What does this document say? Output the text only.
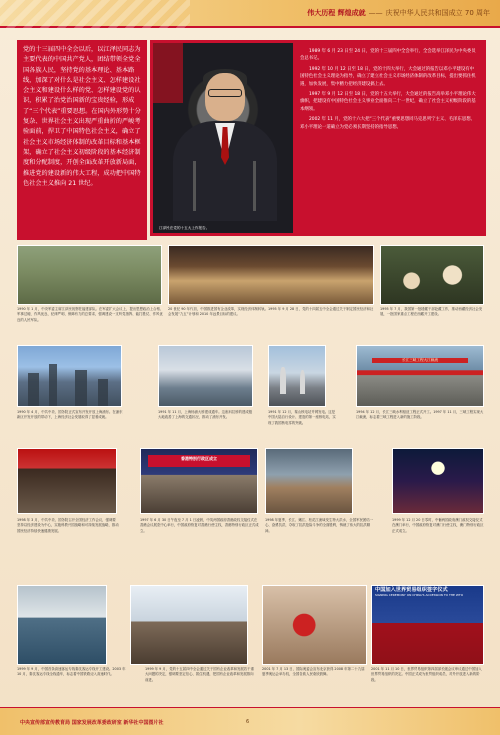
伟大历程 辉煌成就 —— 庆祝中华人民共和国成立 70 周年
党的十三届四中全会以后，以江泽民同志为主要代表的中国共产党人，团结带领全党全国各族人民，坚持党的基本理论、基本路线，加深了对什么是社会主义、怎样建设社会主义和建设什么样的党、怎样建设党的认识，积累了治党治国新的宝贵经验，形成了“三个代表”重要思想。在国内外形势十分复杂、世界社会主义出现严重曲折的严峻考验面前，捍卫了中国特色社会主义，确立了社会主义市场经济体制的改革目标和基本框架，确立了社会主义初级阶段的基本经济制度和分配制度，开创全面改革开放新局面，推进党的建设新的伟大工程，成功把中国特色社会主义推向 21 世纪。
江泽民在党的十五大上作报告。

1989 年 6 月 23 日至 24 日，党的十三届四中全会举行，全会选举江泽民为中央委员会总书记。

1992 年 10 月 12 日至 18 日，党的十四大举行，大会通过的报告以邓小平建设有中国特色社会主义理论为指导，确立了建立社会主义市场经济体制的改革目标，提出要抓住机遇，加快发展，集中精力把经济建设搞上去。

1997 年 9 月 12 日至 18 日，党的十五大举行，大会通过的报告高举邓小平理论伟大旗帜，把建设有中国特色社会主义事业全面推向二十一世纪，确立了社会主义初级阶段的基本纲领。

2002 年 11 月，党的十六大把“三个代表”重要思想同马克思列宁主义、毛泽东思想、邓小平理论一道确立为党必须长期坚持的指导思想。

1990 年 1 月，中央军委主席江泽民视察驻福建部队。在军委扩大会议上，提出思想政治上合格、军事过硬、作风优良、纪律严明、保障有力的总要求，强调建设一支听党指挥、能打胜仗、作风优良的人民军队。
20 世纪 90 年代初，中国推进国有企业改革，实现经济体制转轨。1995 年 9 月 28 日，党的十四届五中全会通过关于制定国民经济和社会发展“九五”计划和 2010 年远景目标的建议。
1995 年 7 月，我国第一批援藏干部赴藏工作，推动西藏经济社会发展，一批国家重点工程在西藏开工建设。
1990 年 4 月，中共中央、国务院正式宣布开发开放上海浦东。在浦东新区开发开放的带动下，上海经济社会发展取得了显著成就。
1991 年 11 月，上海杨浦大桥建成通车。这座斜拉桥的建成极大地改善了上海的交通状况，推动了浦东开发。
1991 年 12 月，秦山核电站并网发电。这是中国大陆自行设计、建造的第一座核电站，实现了我国核电零的突破。
长江三峡工程大江截流
1994 年 12 月，长江三峡水利枢纽工程正式开工。1997 年 11 月，三峡工程实现大江截流，标志着三峡工程进入新的施工阶段。
1998 年 3 月，中共中央、国务院召开全国经济工作会议，强调要坚持以经济建设为中心，实施科教兴国战略和可持续发展战略，推动国民经济持续快速健康发展。
香港特别行政区成立
1997 年 6 月 30 日午夜至 7 月 1 日凌晨，中英两国政府香港政权交接仪式在香港会议展览中心举行，中国政府恢复对香港行使主权，香港特别行政区正式成立。
1998 年夏季，长江、嫩江、松花江流域发生特大洪水，全国军民团结一心、奋勇抗洪，夺取了抗洪抢险斗争的全面胜利，铸就了伟大的抗洪精神。
1999 年 12 月 20 日零时，中葡两国政府澳门政权交接仪式在澳门举行，中国政府恢复对澳门行使主权，澳门特别行政区正式成立。
1999 年 9 月，中国首条高速客运专线秦沈客运专线开工建设。2003 年 10 月，秦沈客运专线全线通车，标志着中国铁路迈入高速时代。
1999 年 9 月，党的十五届四中全会通过关于国有企业改革和发展若干重大问题的决定，强调要坚定信心、抓住机遇，把国有企业改革和发展推向前进。
2001 年 7 月 13 日，国际奥委会宣布北京获得 2008 年第二十九届夏季奥运会举办权，全国各族人民欢欣鼓舞。
中国加入世界贸易组织签字仪式
SIGNING CEREMONY ON CHINA'S ACCESSION TO THE WTO
2001 年 11 月 10 日，世界贸易组织第四届部长级会议审议通过中国加入世界贸易组织的决定。中国正式成为世贸组织成员，对外开放进入新的阶段。
中央宣传部宣传教育局 国家发展改革委政研室 新华社中国图片社	6
